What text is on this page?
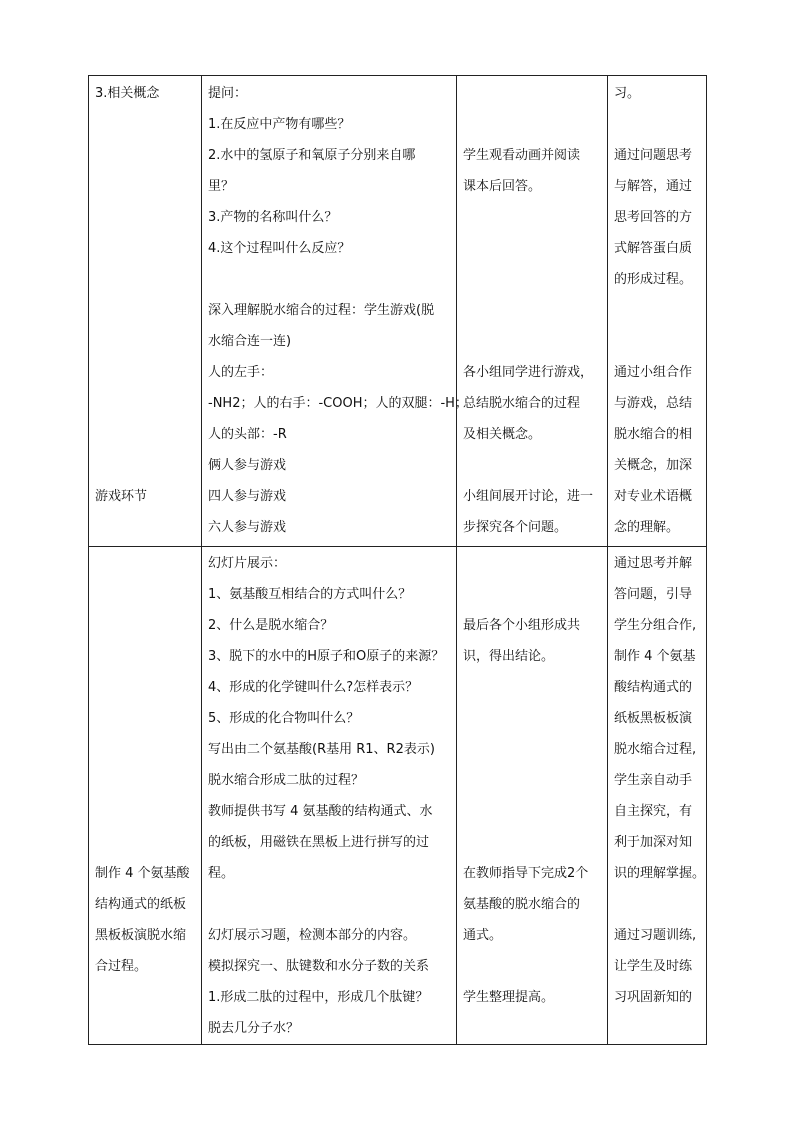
3.相关概念
游戏环节
提问：
1.在反应中产物有哪些？
2.水中的氢原子和氧原子分别来自哪
里？
3.产物的名称叫什么？
4.这个过程叫什么反应？
深入理解脱水缩合的过程：学生游戏(脱
水缩合连一连)
人的左手：
-NH2；人的右手：-COOH；人的双腿：-H；
人的头部：-R
俩人参与游戏
四人参与游戏
六人参与游戏
学生观看动画并阅读
课本后回答。
各小组同学进行游戏，
总结脱水缩合的过程
及相关概念。
小组间展开讨论，进一
步探究各个问题。
习。
通过问题思考
与解答，通过
思考回答的方
式解答蛋白质
的形成过程。
通过小组合作
与游戏，总结
脱水缩合的相
关概念，加深
对专业术语概
念的理解。
制作 4 个氨基酸
结构通式的纸板
黑板板演脱水缩
合过程。
幻灯片展示：
1、氨基酸互相结合的方式叫什么？
2、什么是脱水缩合？
3、脱下的水中的H原子和O原子的来源？
4、形成的化学键叫什么?怎样表示？
5、形成的化合物叫什么？
写出由二个氨基酸(R基用 R1、R2表示)
脱水缩合形成二肽的过程？
教师提供书写 4 氨基酸的结构通式、水
的纸板，用磁铁在黑板上进行拼写的过
程。
幻灯展示习题，检测本部分的内容。
模拟探究一、肽键数和水分子数的关系
1.形成二肽的过程中，形成几个肽键？
脱去几分子水？
最后各个小组形成共
识，得出结论。
在教师指导下完成2个
氨基酸的脱水缩合的
通式。
学生整理提高。
通过思考并解
答问题，引导
学生分组合作,
制作 4 个氨基
酸结构通式的
纸板黑板板演
脱水缩合过程,
学生亲自动手
自主探究，有
利于加深对知
识的理解掌握。
通过习题训练,
让学生及时练
习巩固新知的
